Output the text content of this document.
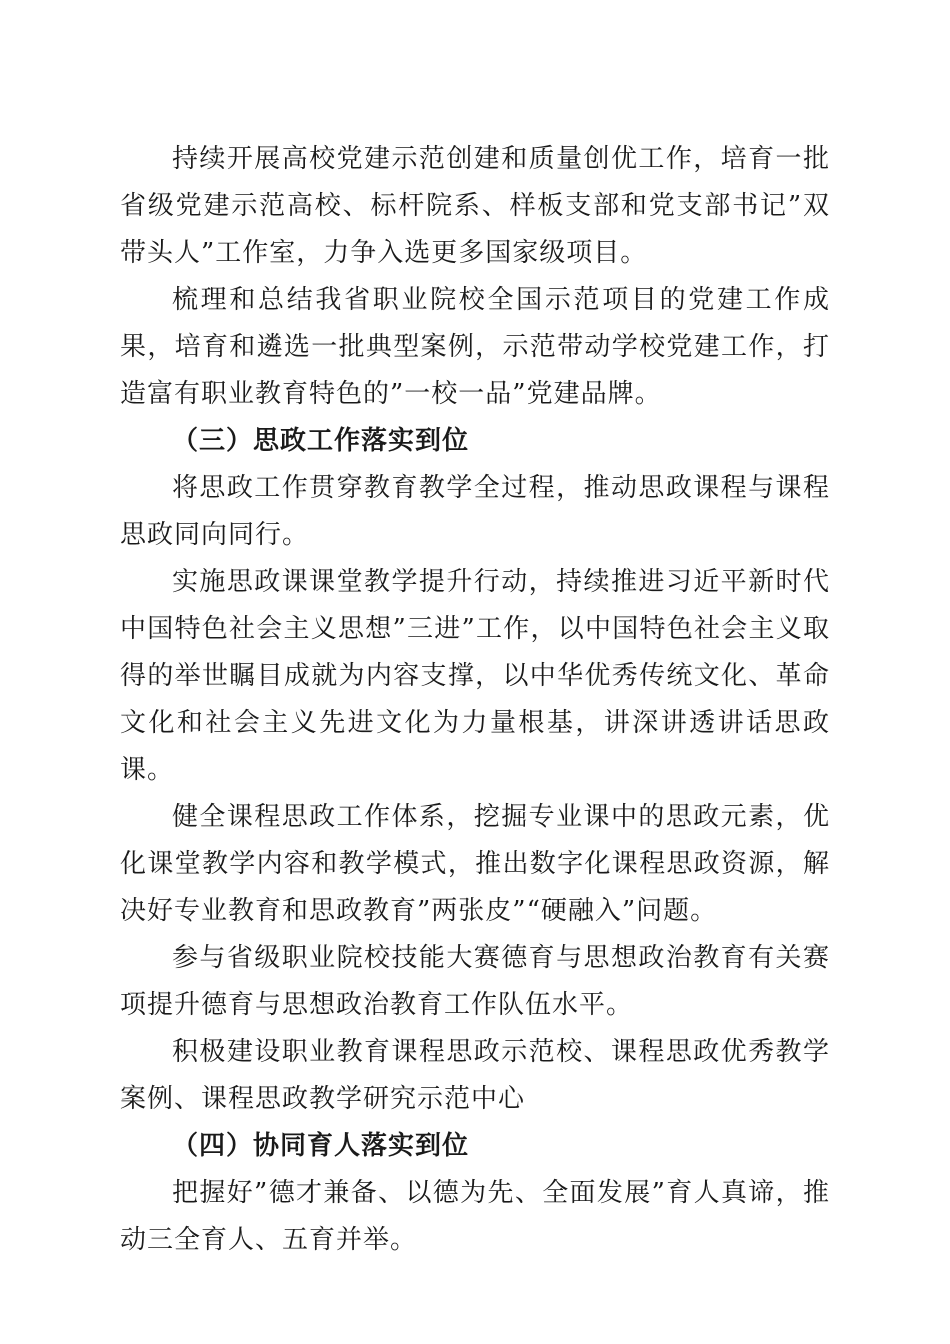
持续开展高校党建示范创建和质量创优工作，培育一批省级党建示范高校、标杆院系、样板支部和党支部书记”双带头人”工作室，力争入选更多国家级项目。

梳理和总结我省职业院校全国示范项目的党建工作成果，培育和遴选一批典型案例，示范带动学校党建工作，打造富有职业教育特色的”一校一品”党建品牌。

（三）思政工作落实到位

将思政工作贯穿教育教学全过程，推动思政课程与课程思政同向同行。

实施思政课课堂教学提升行动，持续推进习近平新时代中国特色社会主义思想”三进”工作，以中国特色社会主义取得的举世瞩目成就为内容支撑，以中华优秀传统文化、革命文化和社会主义先进文化为力量根基，讲深讲透讲话思政课。

健全课程思政工作体系，挖掘专业课中的思政元素，优化课堂教学内容和教学模式，推出数字化课程思政资源，解决好专业教育和思政教育”两张皮”“硬融入”问题。

参与省级职业院校技能大赛德育与思想政治教育有关赛项提升德育与思想政治教育工作队伍水平。

积极建设职业教育课程思政示范校、课程思政优秀教学案例、课程思政教学研究示范中心

（四）协同育人落实到位

把握好”德才兼备、以德为先、全面发展”育人真谛，推动三全育人、五育并举。
